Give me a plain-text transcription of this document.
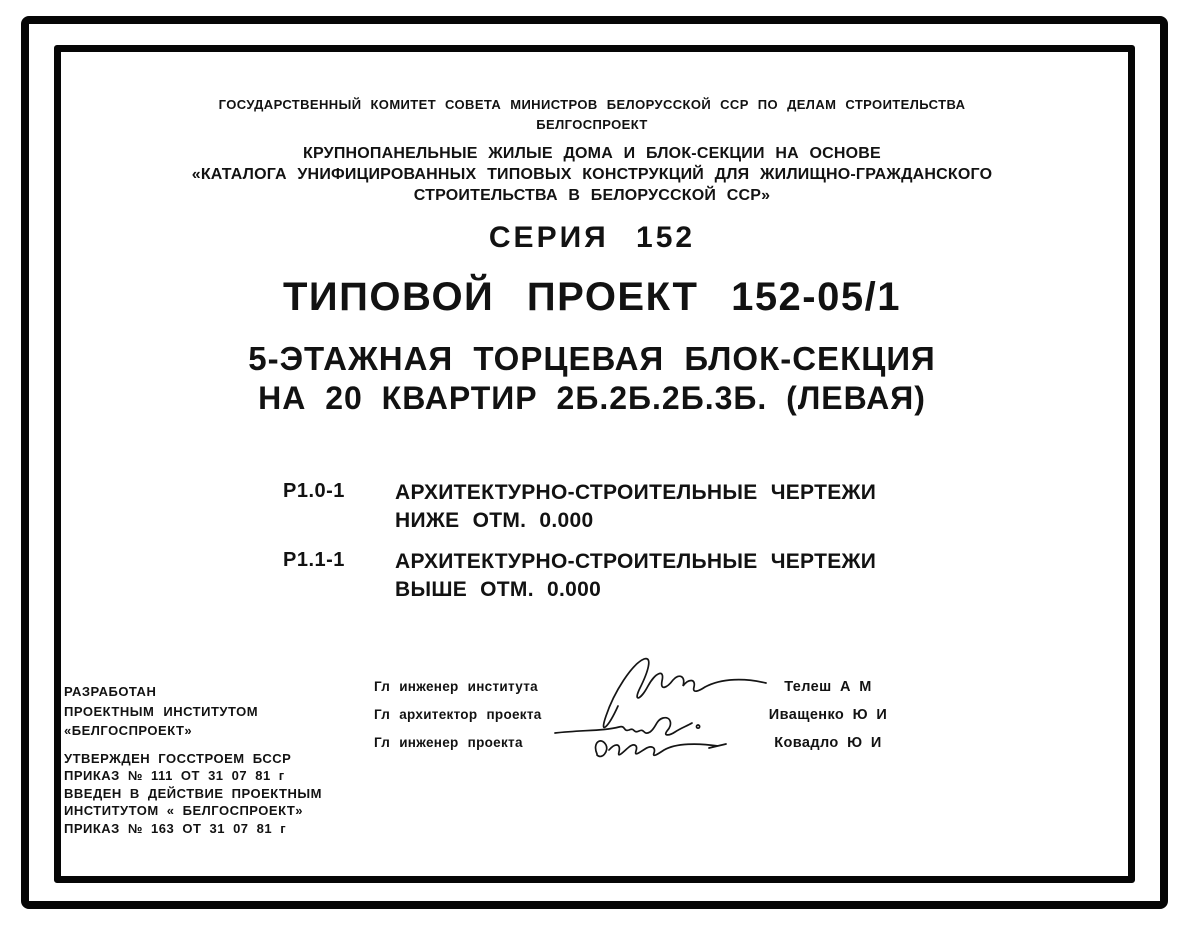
ГОСУДАРСТВЕННЫЙ КОМИТЕТ СОВЕТА МИНИСТРОВ БЕЛОРУССКОЙ ССР ПО ДЕЛАМ СТРОИТЕЛЬСТВА
БЕЛГОСПРОЕКТ
КРУПНОПАНЕЛЬНЫЕ ЖИЛЫЕ ДОМА И БЛОК-СЕКЦИИ НА ОСНОВЕ
«КАТАЛОГА УНИФИЦИРОВАННЫХ ТИПОВЫХ КОНСТРУКЦИЙ ДЛЯ ЖИЛИЩНО-ГРАЖДАНСКОГО
СТРОИТЕЛЬСТВА В БЕЛОРУССКОЙ ССР»
СЕРИЯ 152
ТИПОВОЙ ПРОЕКТ 152-05/1
5-ЭТАЖНАЯ ТОРЦЕВАЯ БЛОК-СЕКЦИЯ
НА 20 КВАРТИР 2Б.2Б.2Б.3Б. (ЛЕВАЯ)
Р1.0-1	АРХИТЕКТУРНО-СТРОИТЕЛЬНЫЕ ЧЕРТЕЖИ
НИЖЕ ОТМ. 0.000
Р1.1-1	АРХИТЕКТУРНО-СТРОИТЕЛЬНЫЕ ЧЕРТЕЖИ
ВЫШЕ ОТМ. 0.000
РАЗРАБОТАН
ПРОЕКТНЫМ ИНСТИТУТОМ
«БЕЛГОСПРОЕКТ»
УТВЕРЖДЕН ГОССТРОЕМ БССР
ПРИКАЗ № 111 ОТ 31 07 81 г
ВВЕДЕН В ДЕЙСТВИЕ ПРОЕКТНЫМ
ИНСТИТУТОМ « БЕЛГОСПРОЕКТ»
ПРИКАЗ № 163 ОТ 31 07 81 г
Гл инженер института
Гл архитектор проекта
Гл инженер проекта
Телеш А М
Иващенко Ю И
Ковадло Ю И
